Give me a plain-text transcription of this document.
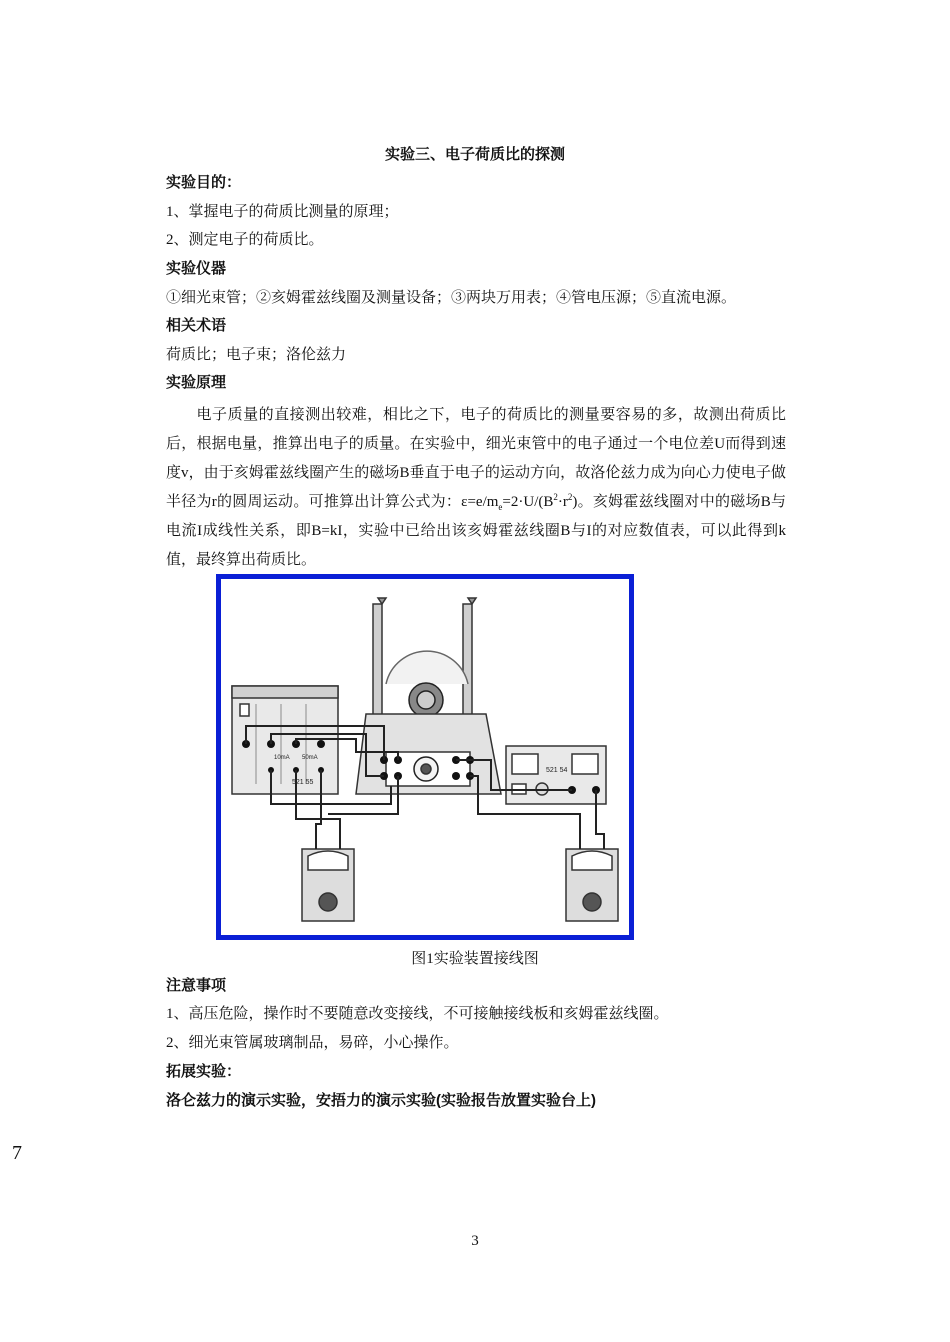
实验三、电子荷质比的探测
实验目的：
1、掌握电子的荷质比测量的原理；
2、测定电子的荷质比。
实验仪器
①细光束管；②亥姆霍兹线圈及测量设备；③两块万用表；④管电压源；⑤直流电源。
相关术语
荷质比；电子束；洛伦兹力
实验原理
电子质量的直接测出较难，相比之下，电子的荷质比的测量要容易的多，故测出荷质比后，根据电量，推算出电子的质量。在实验中，细光束管中的电子通过一个电位差U而得到速度v，由于亥姆霍兹线圈产生的磁场B垂直于电子的运动方向，故洛伦兹力成为向心力使电子做半径为r的圆周运动。可推算出计算公式为：$\varepsilon=e/m_e=2\cdot U/(B^2\cdot r^2)$。亥姆霍兹线圈对中的磁场B与电流I成线性关系，即B=kI，实验中已给出该亥姆霍兹线圈B与I的对应数值表，可以此得到k值，最终算出荷质比。
521 55
10mA 50mA
521 54
图1实验装置接线图
注意事项
1、高压危险，操作时不要随意改变接线，不可接触接线板和亥姆霍兹线圈。
2、细光束管属玻璃制品，易碎，小心操作。
拓展实验：
洛仑兹力的演示实验，安捂力的演示实验(实验报告放置实验台上)
7
3
